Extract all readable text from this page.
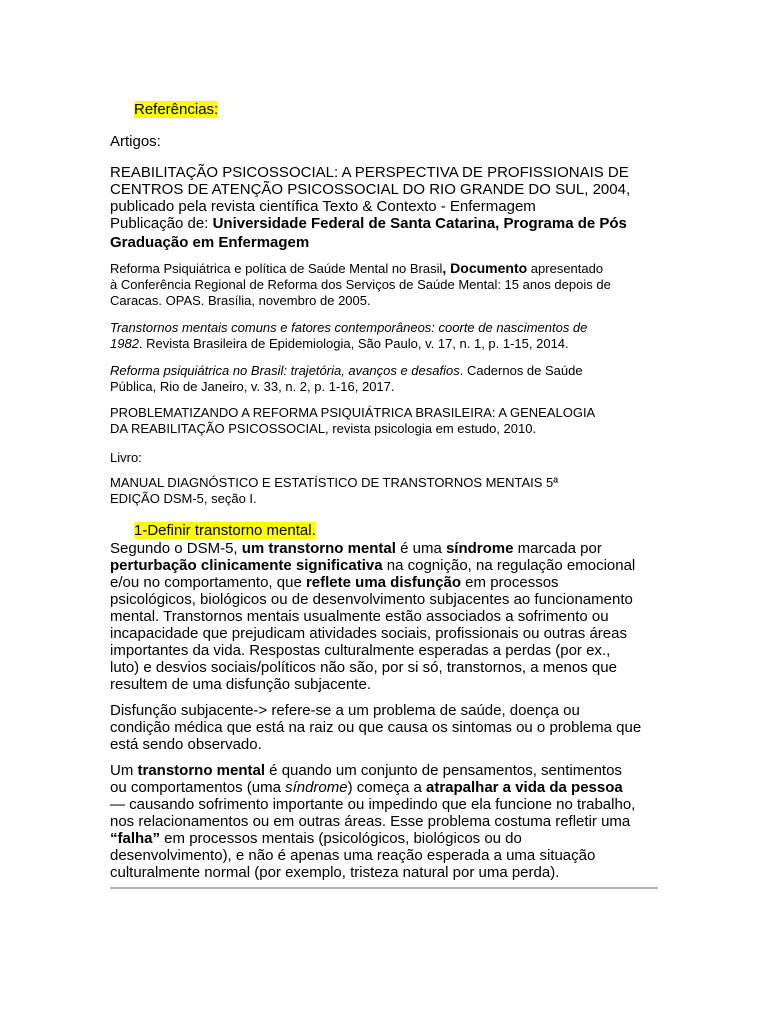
Referências:
Artigos:
REABILITAÇÃO PSICOSSOCIAL: A PERSPECTIVA DE PROFISSIONAIS DE
CENTROS DE ATENÇÃO PSICOSSOCIAL DO RIO GRANDE DO SUL, 2004,
publicado pela revista científica Texto & Contexto - Enfermagem
Publicação de: Universidade Federal de Santa Catarina, Programa de Pós
Graduação em Enfermagem
Reforma Psiquiátrica e política de Saúde Mental no Brasil, Documento apresentado
à Conferência Regional de Reforma dos Serviços de Saúde Mental: 15 anos depois de
Caracas. OPAS. Brasília, novembro de 2005.
Transtornos mentais comuns e fatores contemporâneos: coorte de nascimentos de
1982. Revista Brasileira de Epidemiologia, São Paulo, v. 17, n. 1, p. 1-15, 2014.
Reforma psiquiátrica no Brasil: trajetória, avanços e desafios. Cadernos de Saúde
Pública, Rio de Janeiro, v. 33, n. 2, p. 1-16, 2017.
PROBLEMATIZANDO A REFORMA PSIQUIÁTRICA BRASILEIRA: A GENEALOGIA
DA REABILITAÇÃO PSICOSSOCIAL, revista psicologia em estudo, 2010.
Livro:
MANUAL DIAGNÓSTICO E ESTATÍSTICO DE TRANSTORNOS MENTAIS 5ª
EDIÇÃO DSM-5, seção I.
1-Definir transtorno mental.
Segundo o DSM-5, um transtorno mental é uma síndrome marcada por
perturbação clinicamente significativa na cognição, na regulação emocional
e/ou no comportamento, que reflete uma disfunção em processos
psicológicos, biológicos ou de desenvolvimento subjacentes ao funcionamento
mental. Transtornos mentais usualmente estão associados a sofrimento ou
incapacidade que prejudicam atividades sociais, profissionais ou outras áreas
importantes da vida. Respostas culturalmente esperadas a perdas (por ex.,
luto) e desvios sociais/políticos não são, por si só, transtornos, a menos que
resultem de uma disfunção subjacente.
Disfunção subjacente-> refere-se a um problema de saúde, doença ou
condição médica que está na raiz ou que causa os sintomas ou o problema que
está sendo observado.
Um transtorno mental é quando um conjunto de pensamentos, sentimentos
ou comportamentos (uma síndrome) começa a atrapalhar a vida da pessoa
— causando sofrimento importante ou impedindo que ela funcione no trabalho,
nos relacionamentos ou em outras áreas. Esse problema costuma refletir uma
“falha” em processos mentais (psicológicos, biológicos ou do
desenvolvimento), e não é apenas uma reação esperada a uma situação
culturalmente normal (por exemplo, tristeza natural por uma perda).
